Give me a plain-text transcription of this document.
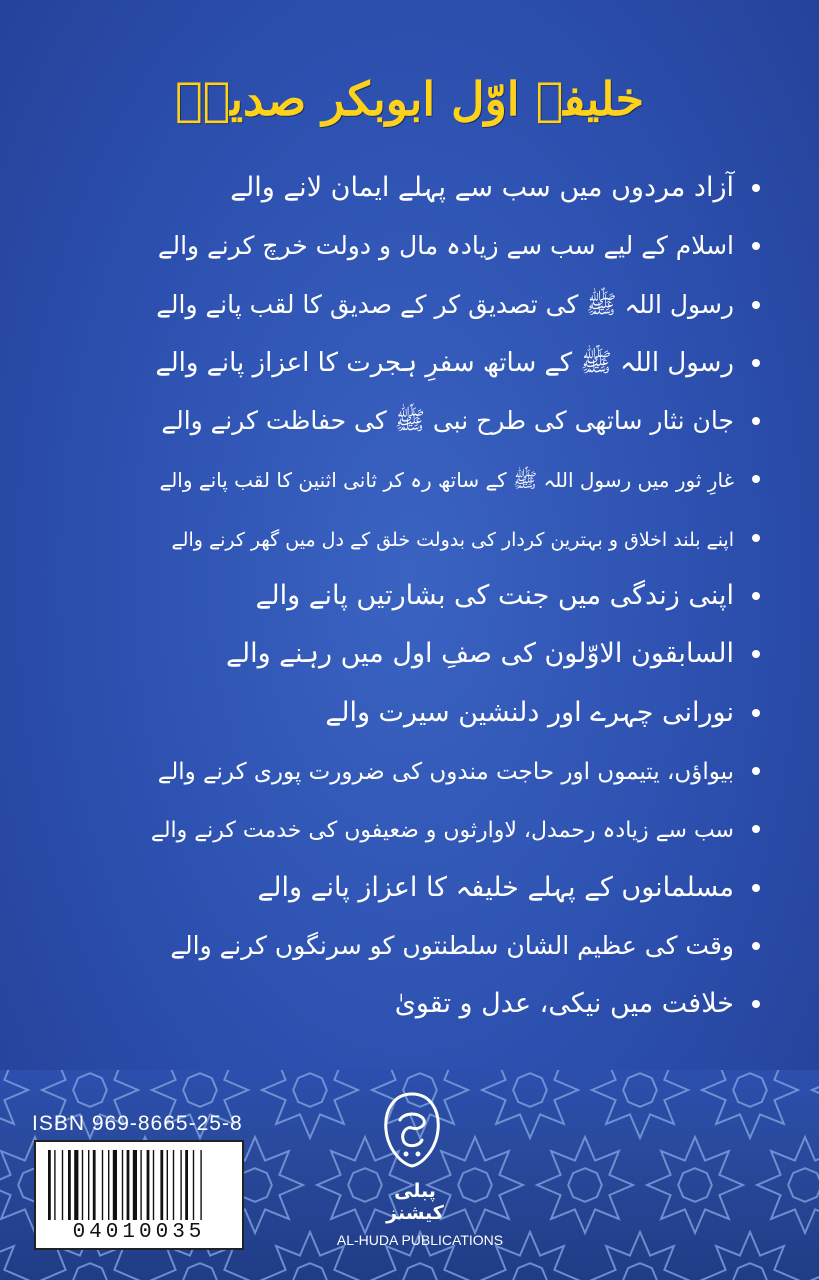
خلیفۂ اوّل ابوبکر صدیقؓ
آزاد مردوں میں سب سے پہلے ایمان لانے والے
اسلام کے لیے سب سے زیادہ مال و دولت خرچ کرنے والے
رسول اللہ ﷺ کی تصدیق کر کے صدیق کا لقب پانے والے
رسول اللہ ﷺ کے ساتھ سفرِ ہجرت کا اعزاز پانے والے
جان نثار ساتھی کی طرح نبی ﷺ کی حفاظت کرنے والے
غارِ ثور میں رسول اللہ ﷺ کے ساتھ رہ کر ثانی اثنین کا لقب پانے والے
اپنے بلند اخلاق و بہترین کردار کی بدولت خلق کے دل میں گھر کرنے والے
اپنی زندگی میں جنت کی بشارتیں پانے والے
السابقون الاوّلون کی صفِ اول میں رہنے والے
نورانی چہرے اور دلنشین سیرت والے
بیواؤں، یتیموں اور حاجت مندوں کی ضرورت پوری کرنے والے
سب سے زیادہ رحمدل، لاوارثوں و ضعیفوں کی خدمت کرنے والے
مسلمانوں کے پہلے خلیفہ کا اعزاز پانے والے
وقت کی عظیم الشان سلطنتوں کو سرنگوں کرنے والے
خلافت میں نیکی، عدل و تقویٰ
ISBN 969-8665-25-8
04010035
پبلی کیشنز
AL-HUDA PUBLICATIONS
